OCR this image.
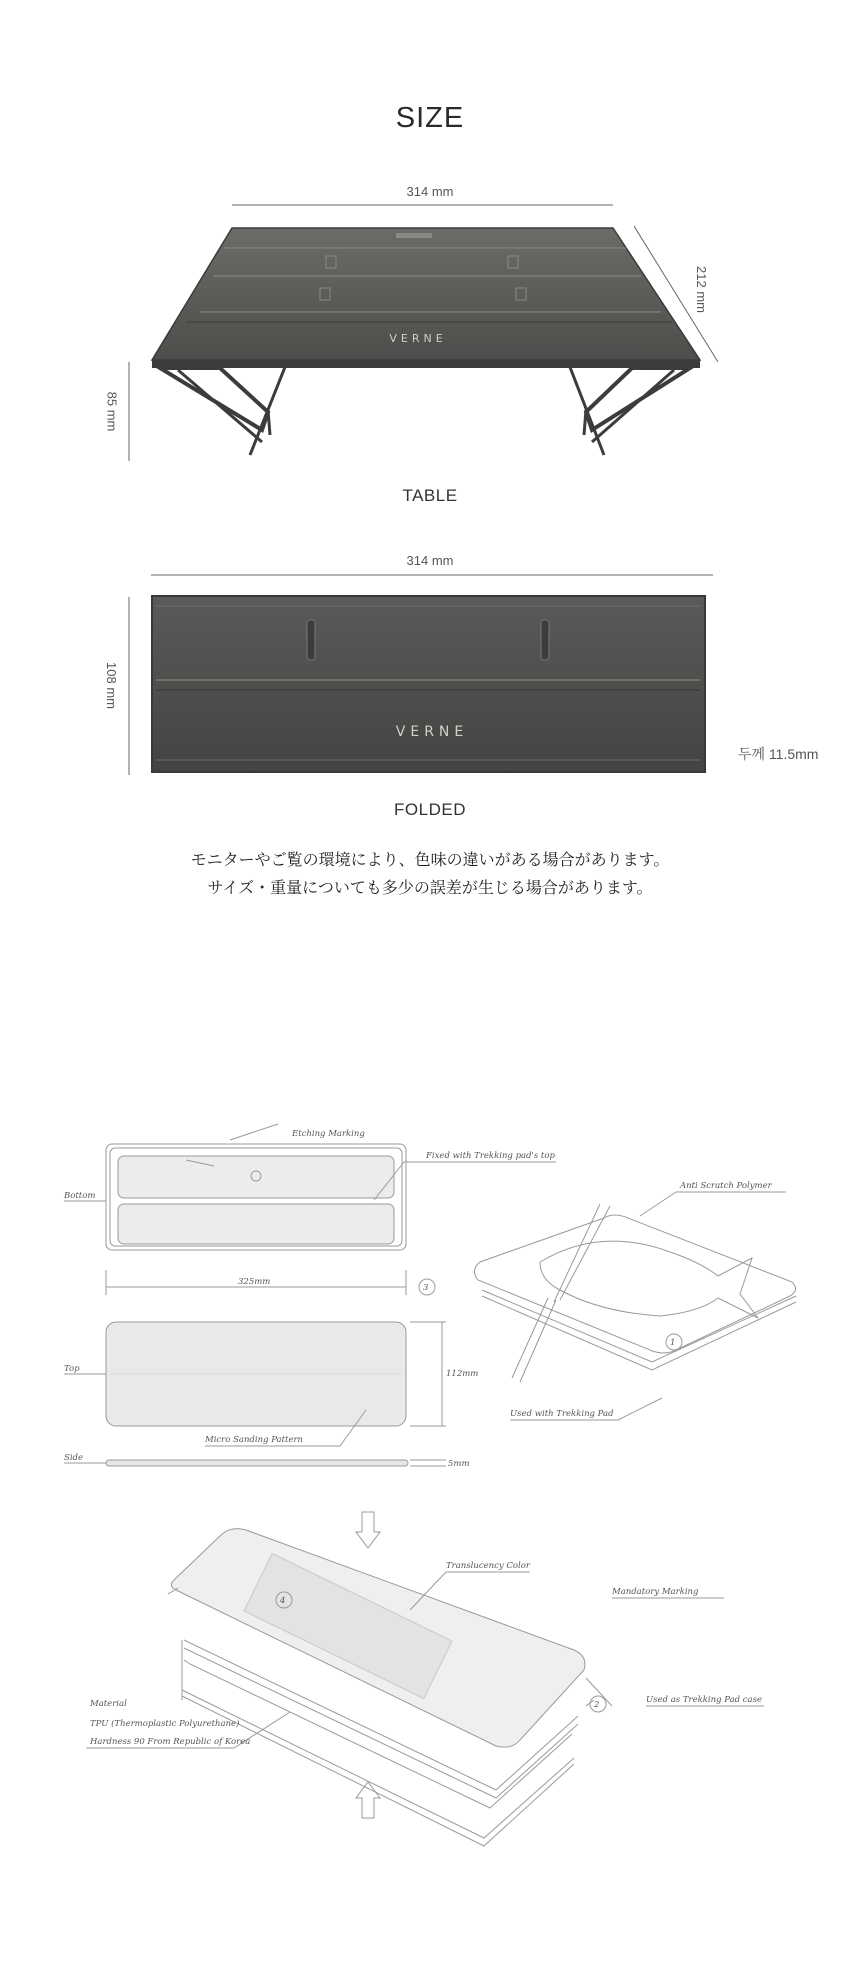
SIZE
VERNE
VERNE
Etching Marking
Fixed with Trekking pad's top
Bottom
325mm
3
Top	112mm
Micro Sanding Pattern
Side
5mm
Anti Scratch Polymer
1
Used with Trekking Pad
Translucency Color
Mandatory Marking
4
2	Used as Trekking Pad case
Material
TPU (Thermoplastic Polyurethane)
Hardness 90 From Republic of Korea
314 mm
212 mm
85 mm
TABLE
314 mm
108 mm
두께 11.5mm
FOLDED
モニターやご覧の環境により、色味の違いがある場合があります。
サイズ・重量についても多少の誤差が生じる場合があります。
